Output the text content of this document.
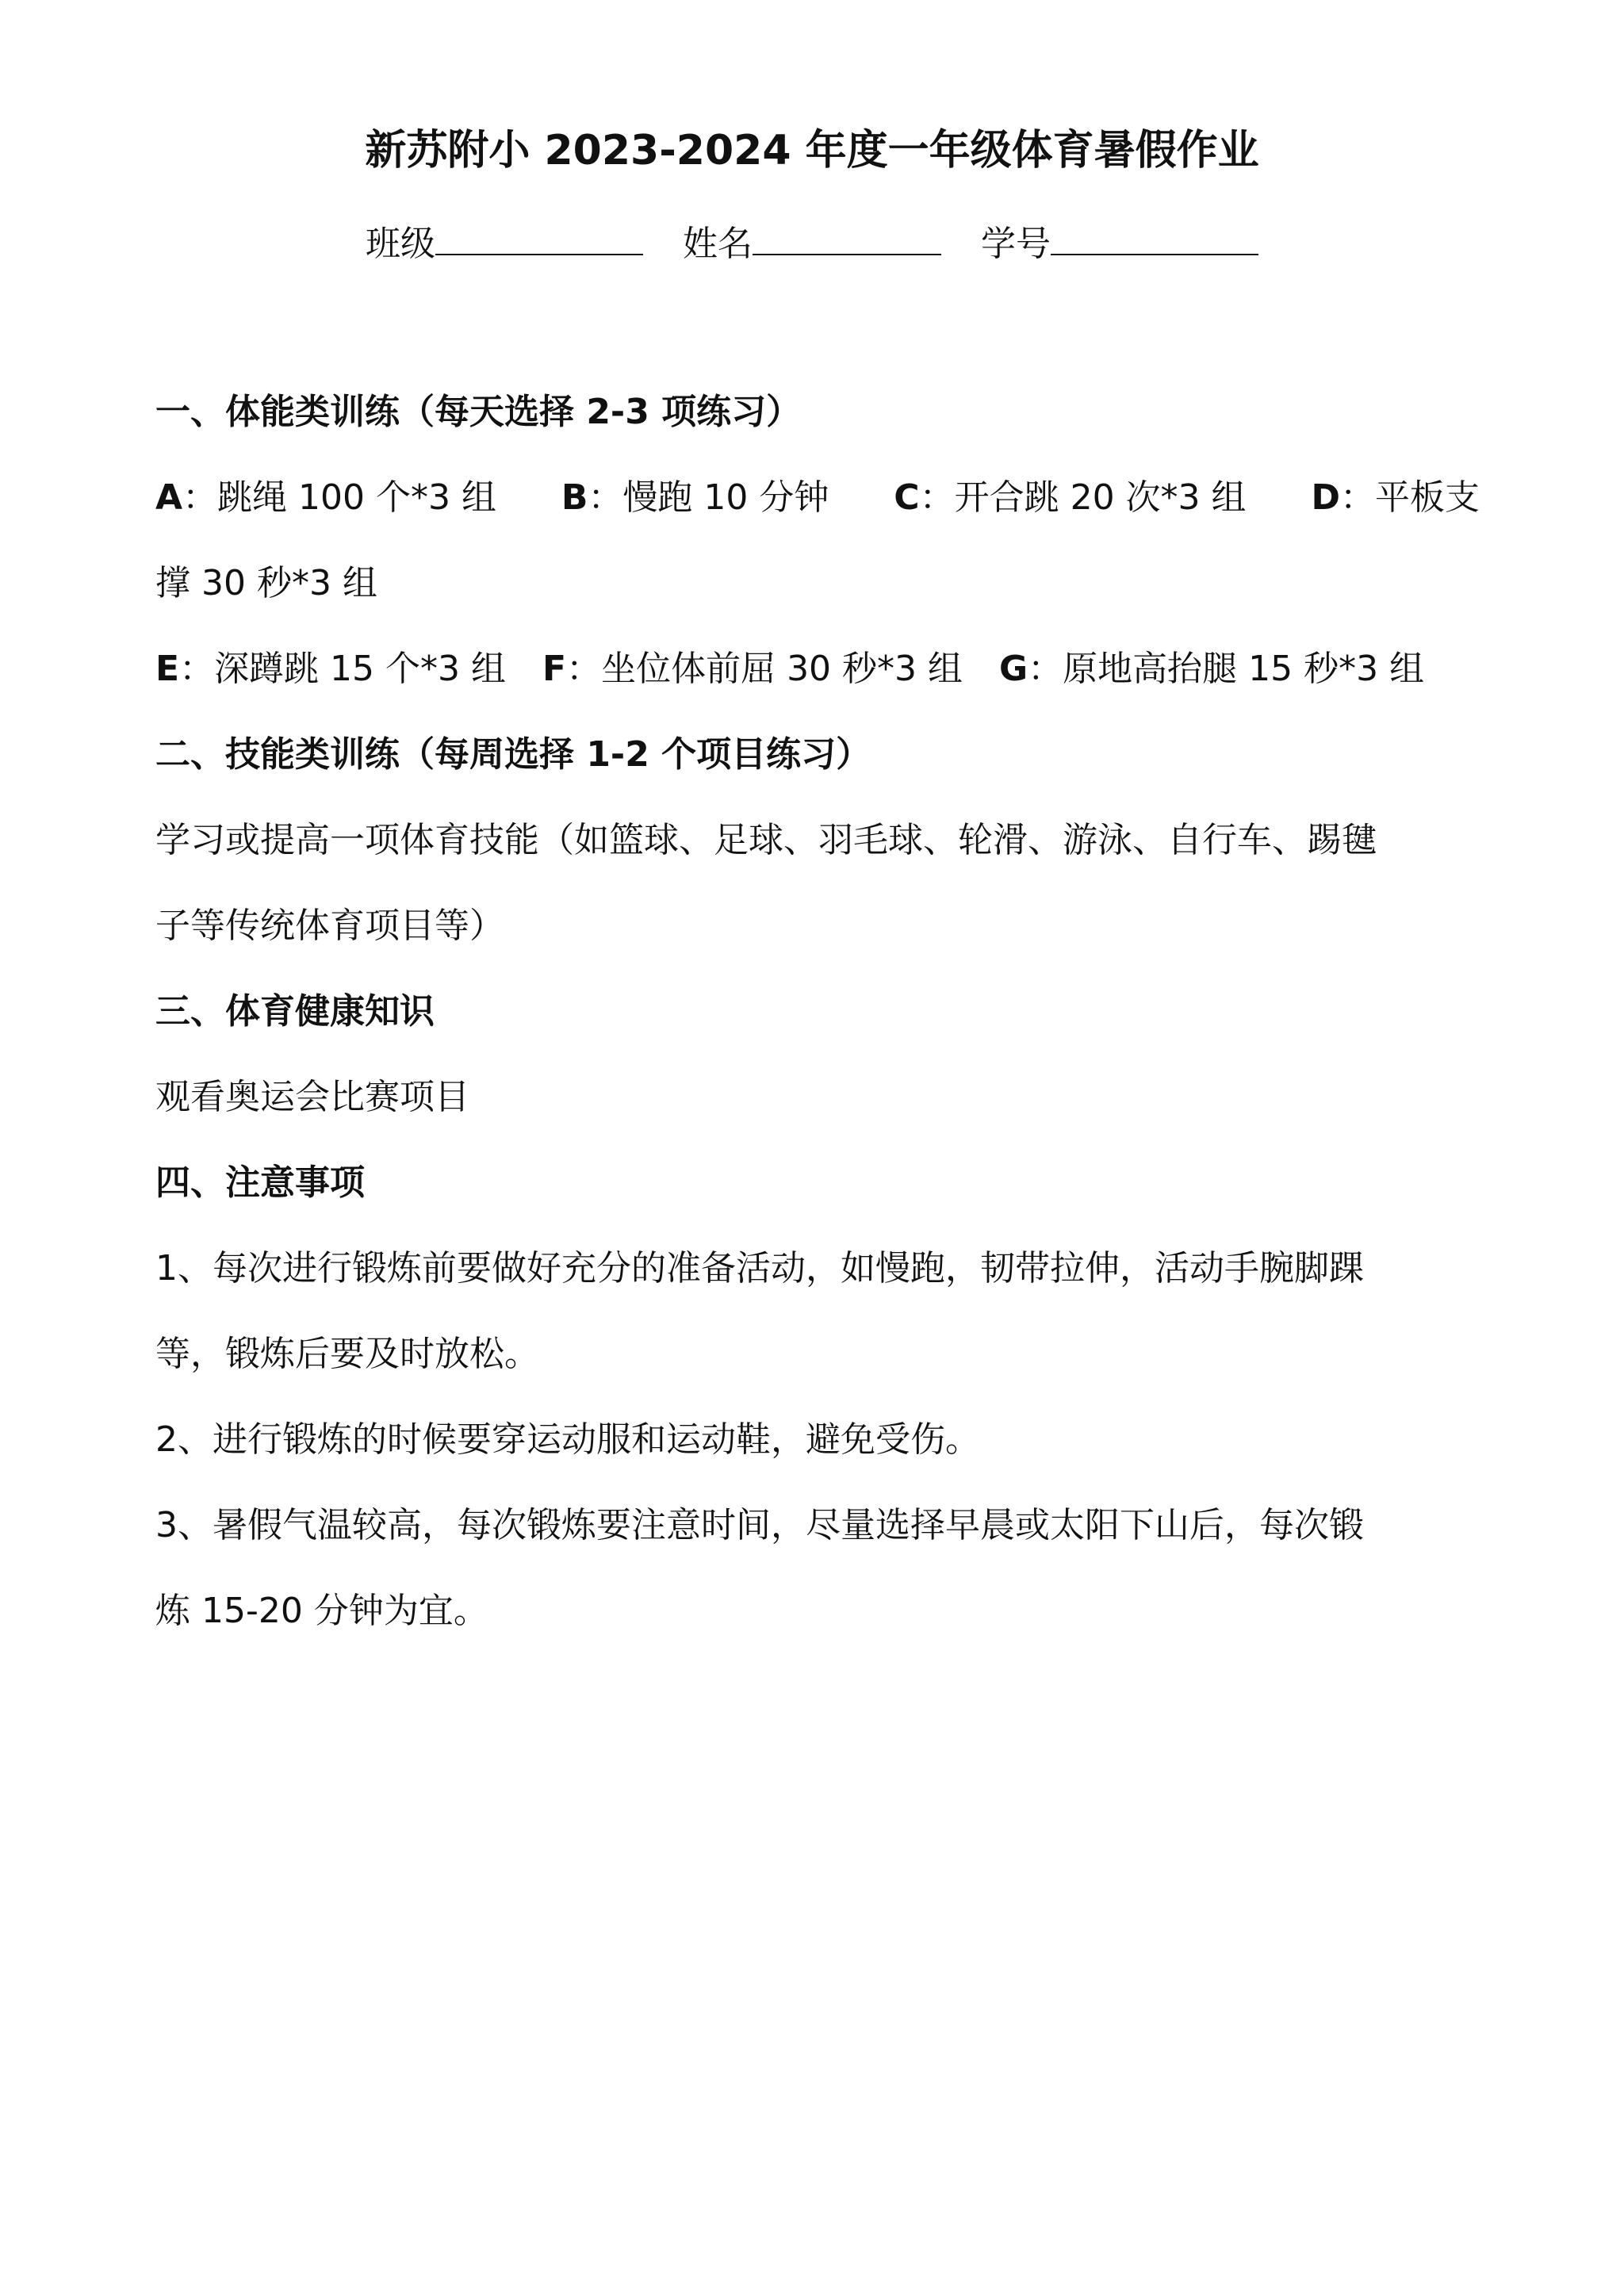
新苏附小 2023-2024 年度一年级体育暑假作业
班级	姓名	学号
一、体能类训练（每天选择 2-3 项练习）
A：跳绳 100 个*3 组 B：慢跑 10 分钟 C：开合跳 20 次*3 组 D：平板支

撑 30 秒*3 组

E：深蹲跳 15 个*3 组 F：坐位体前屈 30 秒*3 组 G：原地高抬腿 15 秒*3 组
二、技能类训练（每周选择 1-2 个项目练习）

学习或提高一项体育技能（如篮球、足球、羽毛球、轮滑、游泳、自行车、踢毽

子等传统体育项目等）

三、体育健康知识

观看奥运会比赛项目

四、注意事项

1、每次进行锻炼前要做好充分的准备活动，如慢跑，韧带拉伸，活动手腕脚踝

等，锻炼后要及时放松。

2、进行锻炼的时候要穿运动服和运动鞋，避免受伤。

3、暑假气温较高，每次锻炼要注意时间，尽量选择早晨或太阳下山后，每次锻

炼 15-20 分钟为宜。
